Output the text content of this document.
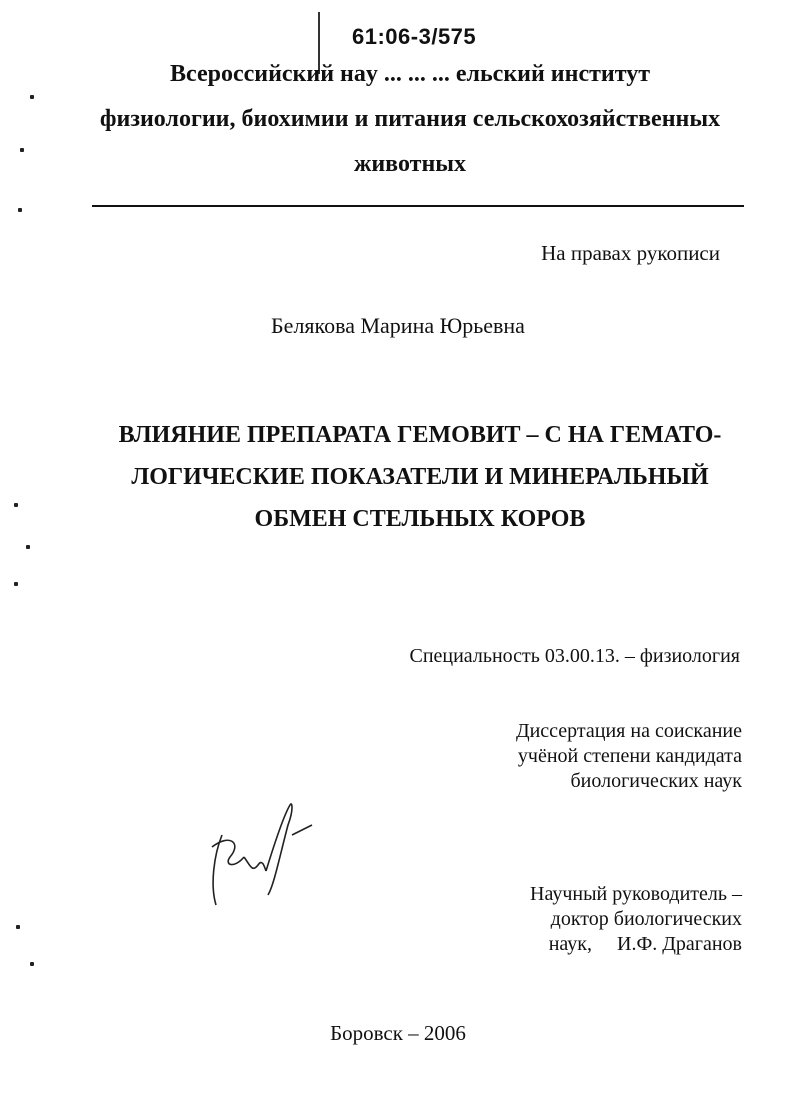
61:06-3/575
Всероссийский наy ... ... ... ельский институт
физиологии, биохимии и питания сельскохозяйственных
животных
На правах рукописи
Белякова Марина Юрьевна
ВЛИЯНИЕ ПРЕПАРАТА ГЕМОВИТ – С НА ГЕМАТО-
ЛОГИЧЕСКИЕ ПОКАЗАТЕЛИ И МИНЕРАЛЬНЫЙ
ОБМЕН СТЕЛЬНЫХ КОРОВ
Специальность 03.00.13. – физиология
Диссертация на соискание
учёной степени кандидата
биологических наук
Научный руководитель –
доктор биологических
наук,     И.Ф. Драганов
Боровск – 2006
